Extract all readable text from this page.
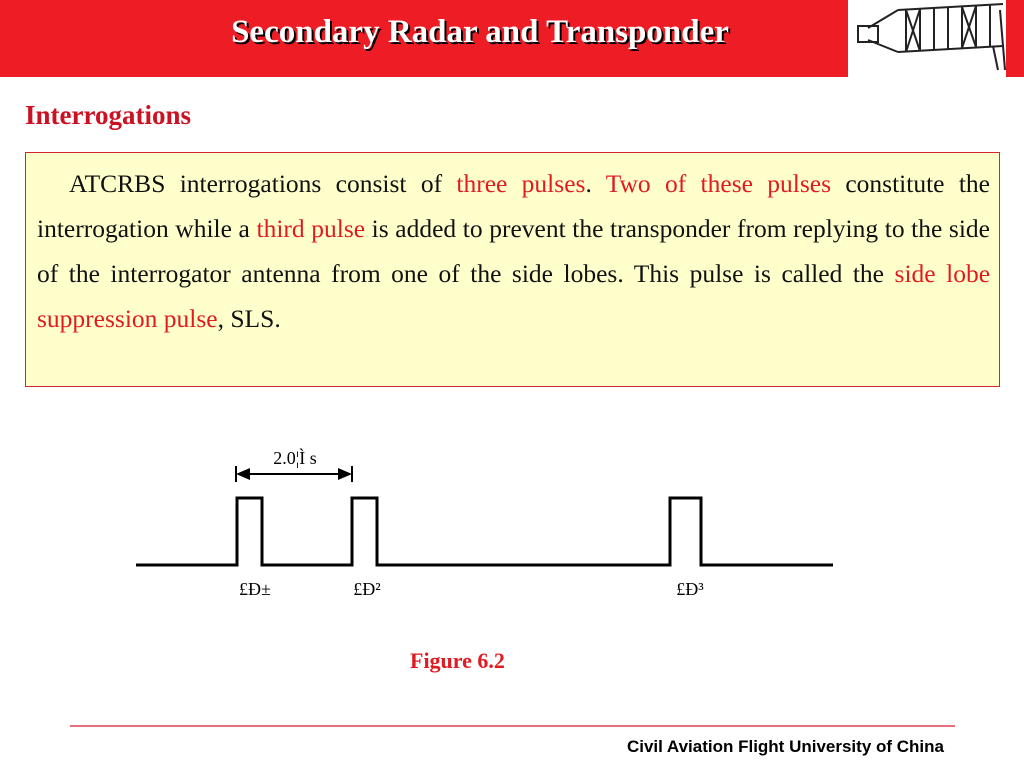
Secondary Radar and Transponder
Interrogations

ATCRBS interrogations consist of three pulses. Two of these pulses constitute the interrogation while a third pulse is added to prevent the transponder from replying to the side of the interrogator antenna from one of the side lobes. This pulse is called the side lobe suppression pulse, SLS.

2.0¦Ì s
£Ð±	£Ð²	£Ð³
Figure 6.2
Civil Aviation Flight University of China
